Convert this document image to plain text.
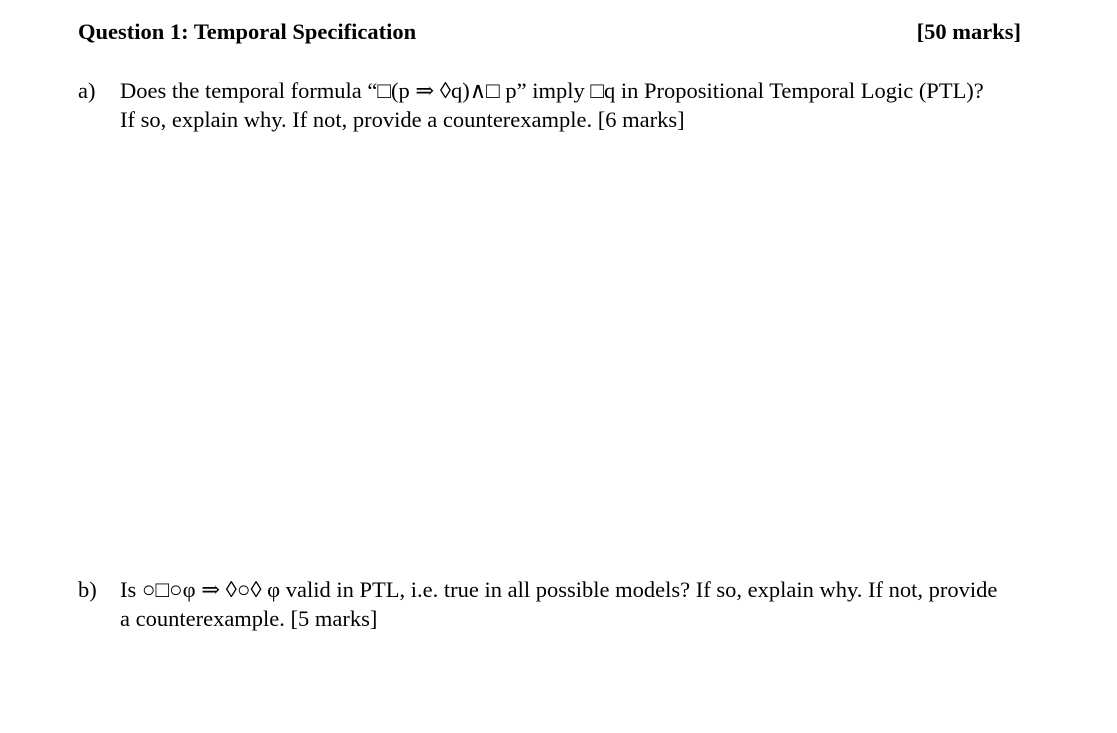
Question 1: Temporal Specification	[50 marks]
a)	Does the temporal formula “□(p ⇒ ◊q)∧□ p” imply □q in Propositional Temporal Logic (PTL)?
If so, explain why. If not, provide a counterexample. [6 marks]
b)	Is ○□○φ ⇒ ◊○◊ φ valid in PTL, i.e. true in all possible models? If so, explain why. If not, provide
a counterexample. [5 marks]
